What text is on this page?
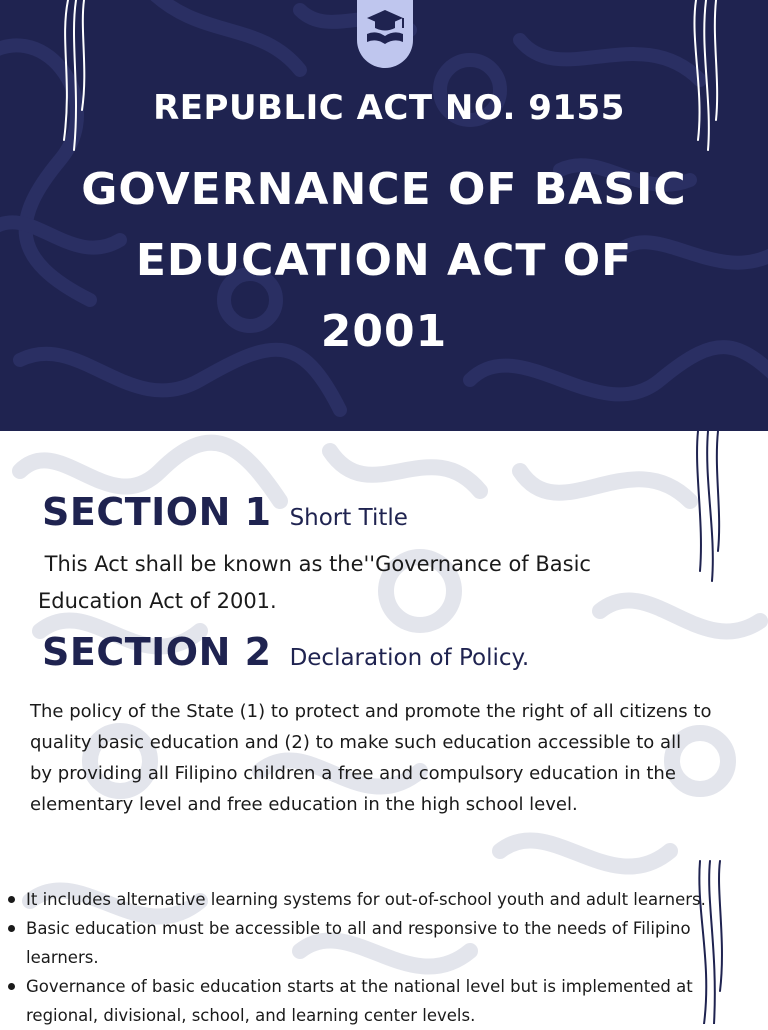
REPUBLIC ACT NO. 9155
GOVERNANCE OF BASIC
EDUCATION ACT OF
2001
SECTION 1 Short Title
This Act shall be known as the''Governance of Basic
Education Act of 2001.
SECTION 2 Declaration of Policy.
The policy of the State (1) to protect and promote the right of all citizens to
quality basic education and (2) to make such education accessible to all
by providing all Filipino children a free and compulsory education in the
elementary level and free education in the high school level.
It includes alternative learning systems for out-of-school youth and adult learners.
Basic education must be accessible to all and responsive to the needs of Filipino
learners.
Governance of basic education starts at the national level but is implemented at
regional, divisional, school, and learning center levels.
